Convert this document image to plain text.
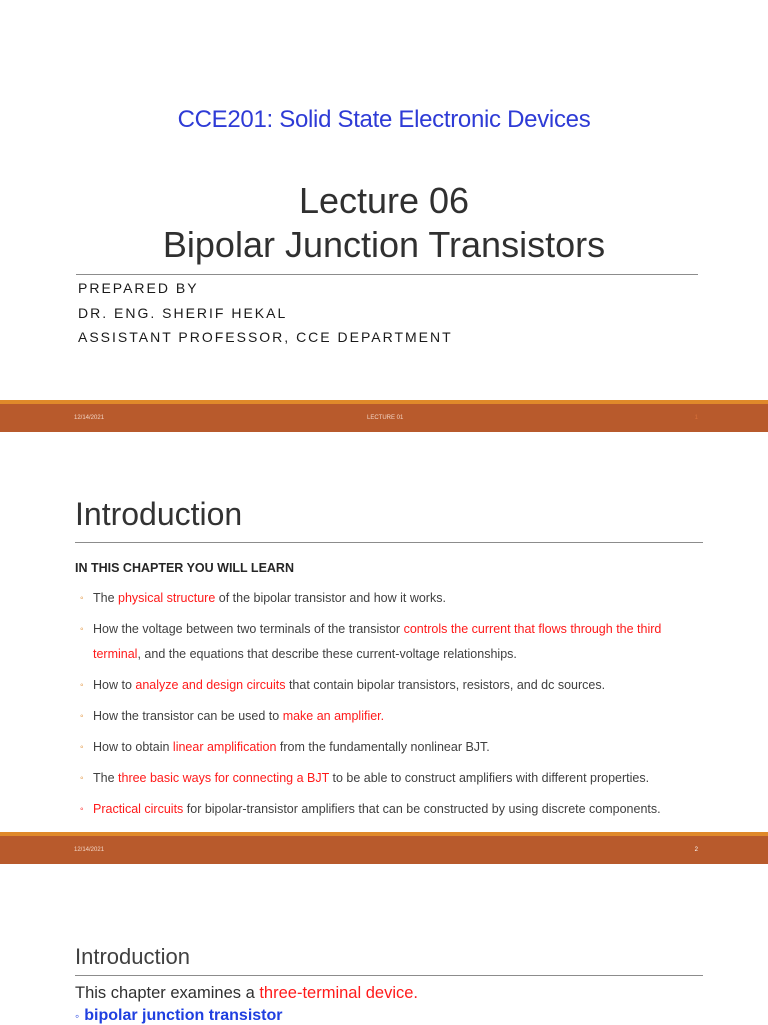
CCE201: Solid State Electronic Devices
Lecture 06
Bipolar Junction Transistors
PREPARED BY
DR. ENG. SHERIF HEKAL
ASSISTANT PROFESSOR, CCE DEPARTMENT
12/14/2021	LECTURE 01	1
Introduction
IN THIS CHAPTER YOU WILL LEARN
◦ The physical structure of the bipolar transistor and how it works.
◦ How the voltage between two terminals of the transistor controls the current that flows through the third terminal, and the equations that describe these current-voltage relationships.
◦ How to analyze and design circuits that contain bipolar transistors, resistors, and dc sources.
◦ How the transistor can be used to make an amplifier.
◦ How to obtain linear amplification from the fundamentally nonlinear BJT.
◦ The three basic ways for connecting a BJT to be able to construct amplifiers with different properties.
◦ Practical circuits for bipolar-transistor amplifiers that can be constructed by using discrete components.
12/14/2021	2
Introduction
This chapter examines a three-terminal device.
◦ bipolar junction transistor
